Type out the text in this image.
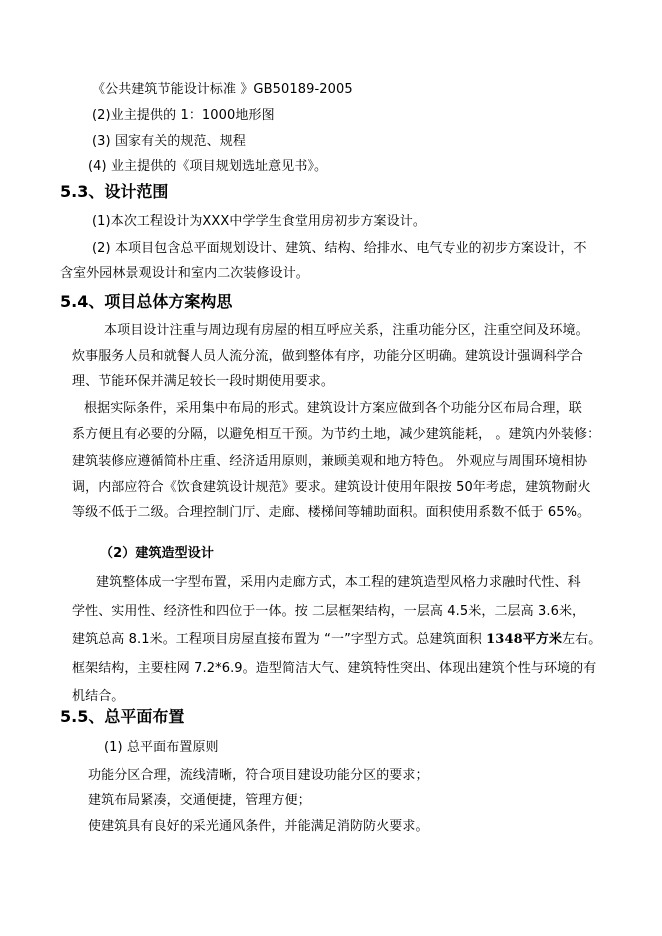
《公共建筑节能设计标准 》GB50189-2005
(2)业主提供的 1：1000地形图
(3) 国家有关的规范、规程
(4) 业主提供的《项目规划选址意见书》。
5.3、设计范围
(1)本次工程设计为XXX中学学生食堂用房初步方案设计。
(2) 本项目包含总平面规划设计、建筑、结构、给排水、电气专业的初步方案设计，不
含室外园林景观设计和室内二次装修设计。
5.4、项目总体方案构思
本项目设计注重与周边现有房屋的相互呼应关系，注重功能分区，注重空间及环境。
炊事服务人员和就餐人员人流分流，做到整体有序，功能分区明确。建筑设计强调科学合
理、节能环保并满足较长一段时期使用要求。
根据实际条件，采用集中布局的形式。建筑设计方案应做到各个功能分区布局合理，联
系方便且有必要的分隔，以避免相互干预。为节约土地，减少建筑能耗， 。建筑内外装修：
建筑装修应遵循简朴庄重、经济适用原则，兼顾美观和地方特色。 外观应与周围环境相协
调，内部应符合《饮食建筑设计规范》要求。建筑设计使用年限按 50年考虑，建筑物耐火
等级不低于二级。合理控制门厅、走廊、楼梯间等辅助面积。面积使用系数不低于 65%。
（2）建筑造型设计
建筑整体成一字型布置，采用内走廊方式，本工程的建筑造型风格力求融时代性、科
学性、实用性、经济性和四位于一体。按 二层框架结构，一层高 4.5米，二层高 3.6米，
建筑总高 8.1米。工程项目房屋直接布置为 “一”字型方式。总建筑面积 1348平方米左右。
框架结构，主要柱网 7.2*6.9。造型简洁大气、建筑特性突出、体现出建筑个性与环境的有
机结合。
5.5、总平面布置
(1) 总平面布置原则
功能分区合理，流线清晰，符合项目建设功能分区的要求；
建筑布局紧凑，交通便捷，管理方便；
使建筑具有良好的采光通风条件，并能满足消防防火要求。
